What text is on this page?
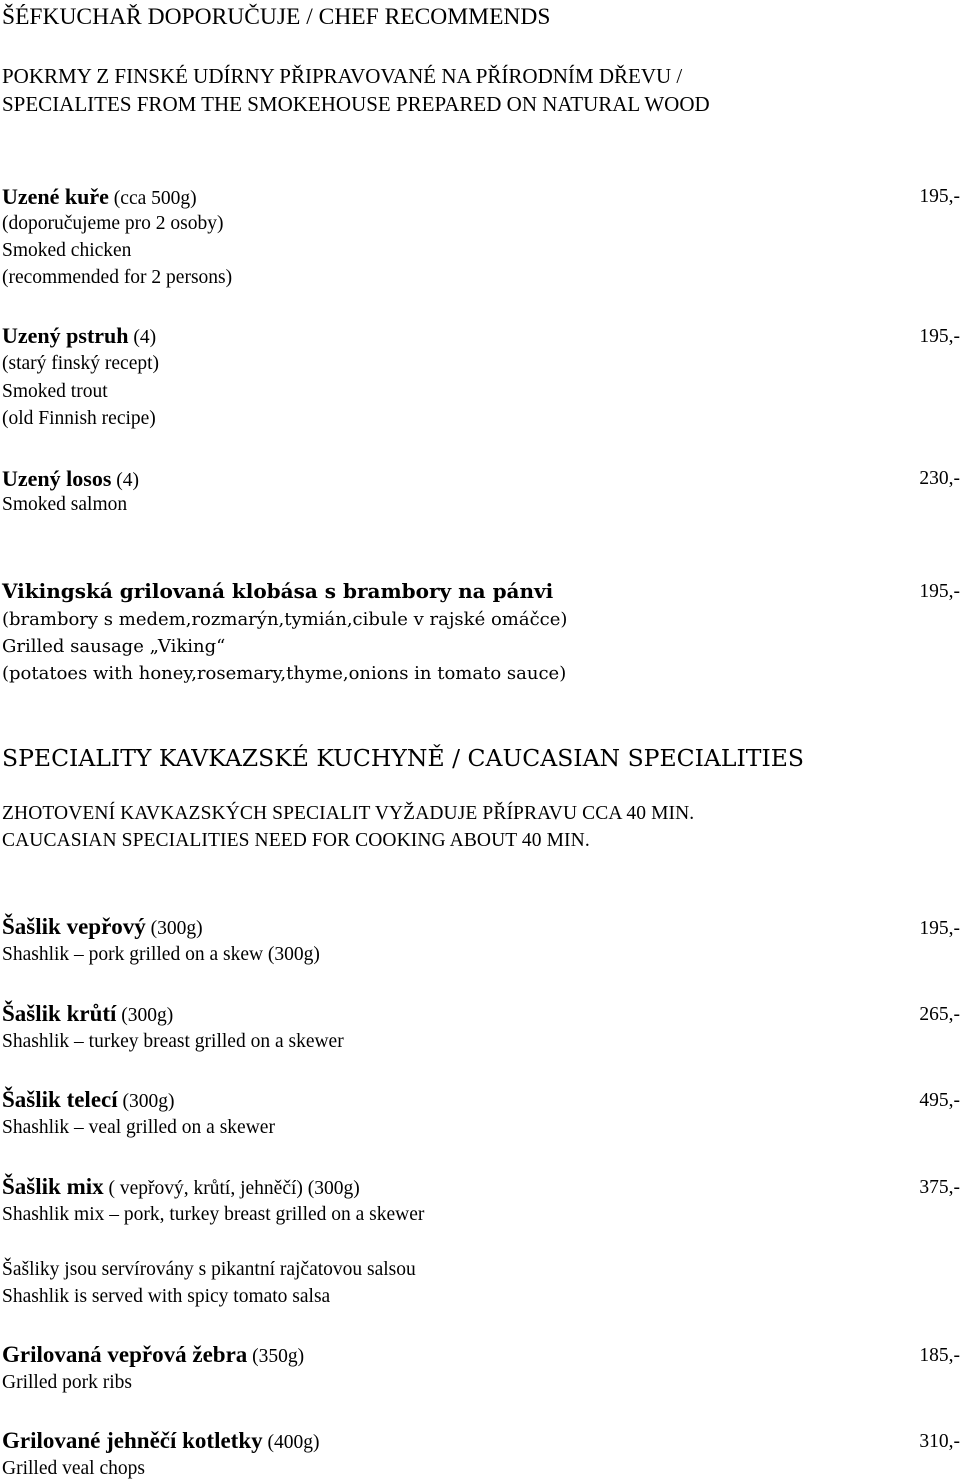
ŠÉFKUCHAŘ DOPORUČUJE / CHEF RECOMMENDS
POKRMY Z FINSKÉ UDÍRNY PŘIPRAVOVANÉ NA PŘÍRODNÍM DŘEVU /
SPECIALITES FROM THE SMOKEHOUSE PREPARED ON NATURAL WOOD
Uzené kuře (cca 500g)	195,-
(doporučujeme pro 2 osoby)
Smoked chicken
(recommended for 2 persons)
Uzený pstruh (4)	195,-
(starý finský recept)
Smoked trout
(old Finnish recipe)
Uzený losos (4)	230,-
Smoked salmon
Vikingská grilovaná klobása s brambory na pánvi	195,-
(brambory s medem,rozmarýn,tymián,cibule v rajské omáčce)
Grilled sausage „Viking“
(potatoes with honey,rosemary,thyme,onions in tomato sauce)
SPECIALITY KAVKAZSKÉ KUCHYNĚ / CAUCASIAN SPECIALITIES
ZHOTOVENÍ KAVKAZSKÝCH SPECIALIT VYŽADUJE PŘÍPRAVU CCA 40 MIN.
CAUCASIAN SPECIALITIES NEED FOR COOKING ABOUT 40 MIN.
Šašlik vepřový (300g)	195,-
Shashlik – pork grilled on a skew (300g)
Šašlik krůtí (300g)	265,-
Shashlik – turkey breast grilled on a skewer
Šašlik telecí (300g)	495,-
Shashlik – veal grilled on a skewer
Šašlik mix ( vepřový, krůtí, jehněčí) (300g)	375,-
Shashlik mix – pork, turkey breast grilled on a skewer
Šašliky jsou servírovány s pikantní rajčatovou salsou
Shashlik is served with spicy tomato salsa
Grilovaná vepřová žebra (350g)	185,-
Grilled pork ribs
Grilované jehněčí kotletky (400g)	310,-
Grilled veal chops
